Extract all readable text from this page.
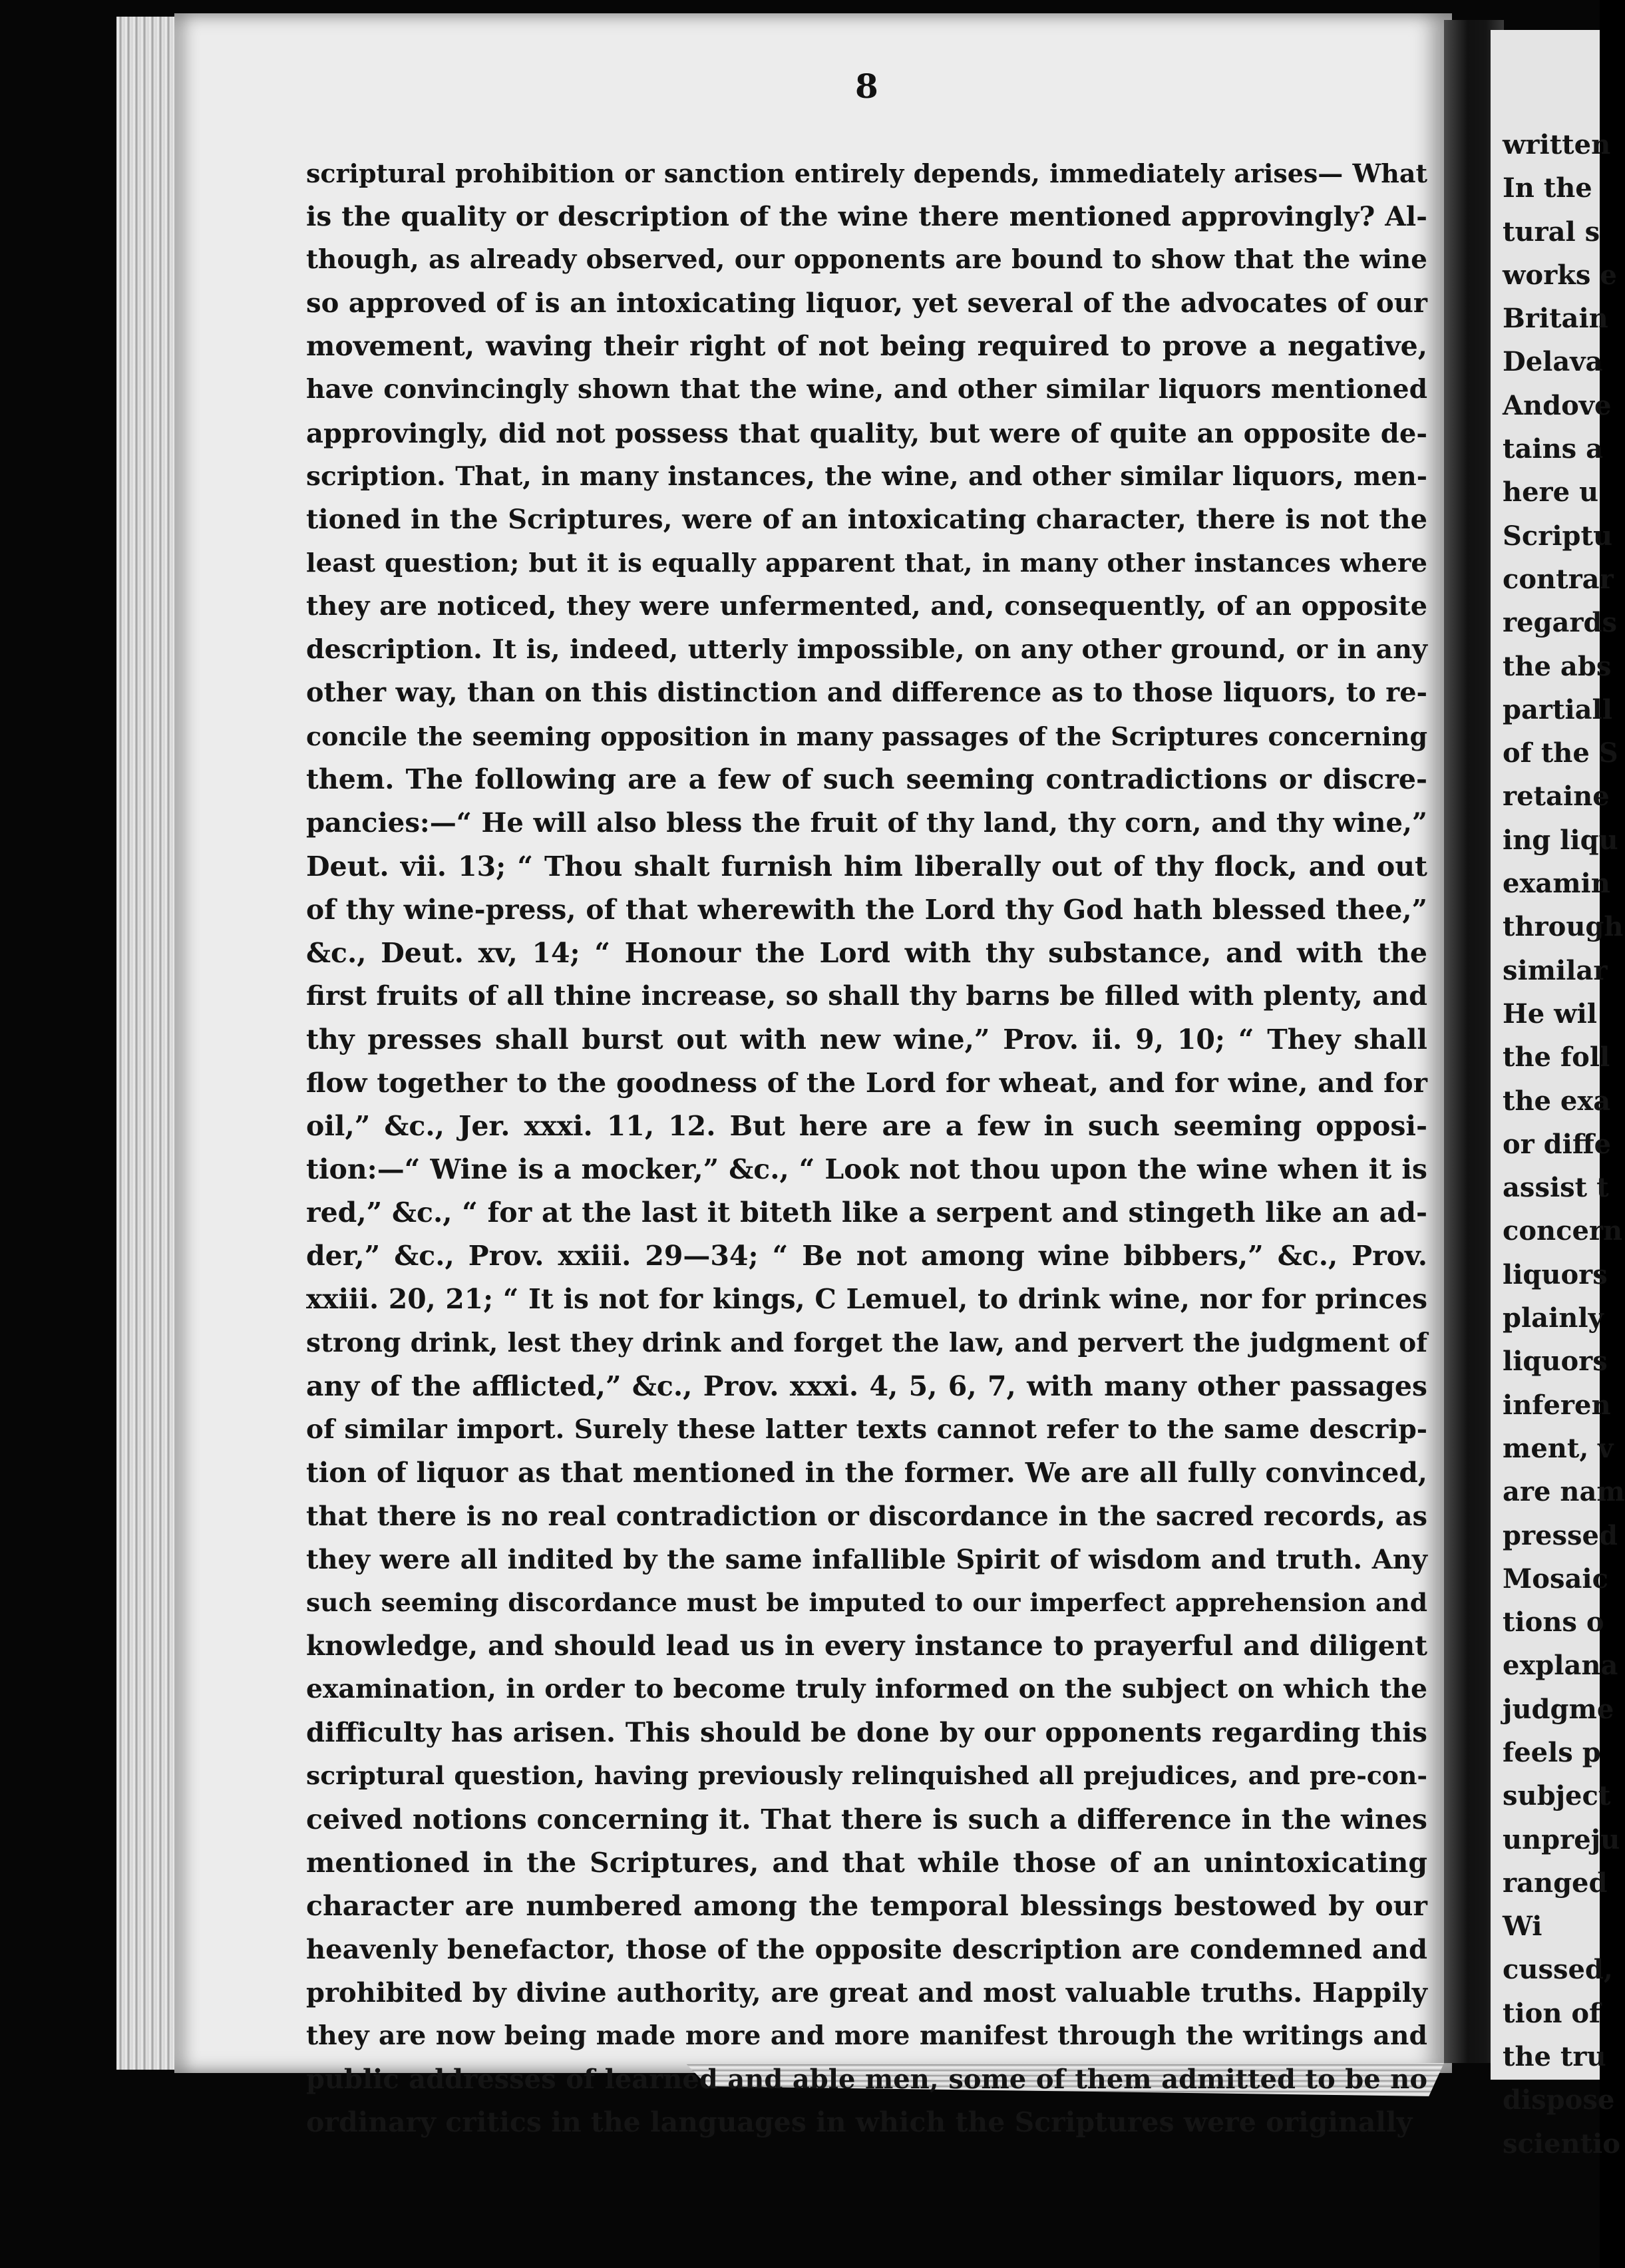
8
scriptural prohibition or sanction entirely depends, immediately arises— What
is the quality or description of the wine there mentioned approvingly? Al-
though, as already observed, our opponents are bound to show that the wine
so approved of is an intoxicating liquor, yet several of the advocates of our
movement, waving their right of not being required to prove a negative,
have convincingly shown that the wine, and other similar liquors mentioned
approvingly, did not possess that quality, but were of quite an opposite de-
scription. That, in many instances, the wine, and other similar liquors, men-
tioned in the Scriptures, were of an intoxicating character, there is not the
least question; but it is equally apparent that, in many other instances where
they are noticed, they were unfermented, and, consequently, of an opposite
description. It is, indeed, utterly impossible, on any other ground, or in any
other way, than on this distinction and difference as to those liquors, to re-
concile the seeming opposition in many passages of the Scriptures concerning
them. The following are a few of such seeming contradictions or discre-
pancies:—“ He will also bless the fruit of thy land, thy corn, and thy wine,”
Deut. vii. 13; “ Thou shalt furnish him liberally out of thy flock, and out
of thy wine-press, of that wherewith the Lord thy God hath blessed thee,”
&c., Deut. xv, 14; “ Honour the Lord with thy substance, and with the
first fruits of all thine increase, so shall thy barns be filled with plenty, and
thy presses shall burst out with new wine,” Prov. ii. 9, 10; “ They shall
flow together to the goodness of the Lord for wheat, and for wine, and for
oil,” &c., Jer. xxxi. 11, 12. But here are a few in such seeming opposi-
tion:—“ Wine is a mocker,” &c., “ Look not thou upon the wine when it is
red,” &c., “ for at the last it biteth like a serpent and stingeth like an ad-
der,” &c., Prov. xxiii. 29—34; “ Be not among wine bibbers,” &c., Prov.
xxiii. 20, 21; “ It is not for kings, C Lemuel, to drink wine, nor for princes
strong drink, lest they drink and forget the law, and pervert the judgment of
any of the afflicted,” &c., Prov. xxxi. 4, 5, 6, 7, with many other passages
of similar import. Surely these latter texts cannot refer to the same descrip-
tion of liquor as that mentioned in the former. We are all fully convinced,
that there is no real contradiction or discordance in the sacred records, as
they were all indited by the same infallible Spirit of wisdom and truth. Any
such seeming discordance must be imputed to our imperfect apprehension and
knowledge, and should lead us in every instance to prayerful and diligent
examination, in order to become truly informed on the subject on which the
difficulty has arisen. This should be done by our opponents regarding this
scriptural question, having previously relinquished all prejudices, and pre-con-
ceived notions concerning it. That there is such a difference in the wines
mentioned in the Scriptures, and that while those of an unintoxicating
character are numbered among the temporal blessings bestowed by our
heavenly benefactor, those of the opposite description are condemned and
prohibited by divine authority, are great and most valuable truths. Happily
they are now being made more and more manifest through the writings and
public addresses of learned and able men, some of them admitted to be no
ordinary critics in the languages in which the Scriptures were originally
written
In the
tural s
works e
Britain
Delava
Andove
tains a
here u
Scriptu
contrar
regards
the abs
partiall
of the S
retaine
ing liqu
examin
through
similar
He wil
the foll
the exa
or diffe
assist t
concern
liquors
plainly
liquors
inferen
ment, v
are nam
pressed
Mosaic
tions o
explana
judgme
feels p
subject
unpreju
ranged
Wi
cussed,
tion of
the tru
dispose
scientio
